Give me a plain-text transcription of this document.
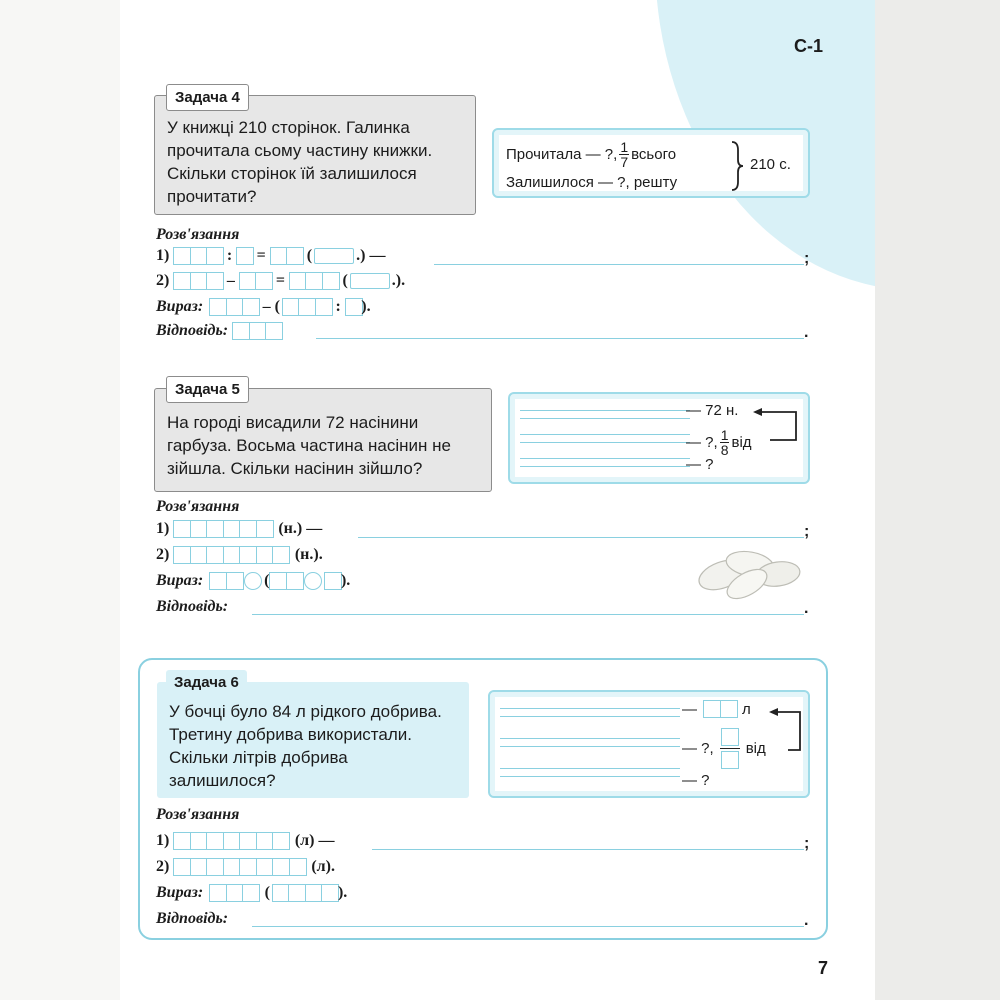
С-1
У книжці 210 сторінок. Галинка прочитала сьому частину книжки. Скільки сторінок їй залишилося прочитати?
Задача 4
Прочитала — ?, $\frac{1}{7}$ всього
Залишилося — ?, решту
210 с.
Розв'язання
1)	: =	(	.) —	;
2)	–	=	(	.).
Вираз:	– (	: ).
Відповідь:	.
На городі висадили 72 насінини гарбуза. Восьма частина насінин не зійшла. Скільки насінин зійшло?
Задача 5
— 72 н.
— ?, $\frac{1}{8}$ від
— ?
Розв'язання
1)	(н.) —	;
2)	(н.).
Вираз:	(	).
Відповідь:	.
У бочці було 84 л рідкого добрива. Третину добрива використали. Скільки літрів добрива залишилося?
Задача 6
—	л
— ?, від
— ?
Розв'язання
1)	(л) —	;
2)	(л).
Вираз:	(	).
Відповідь:	.
7
